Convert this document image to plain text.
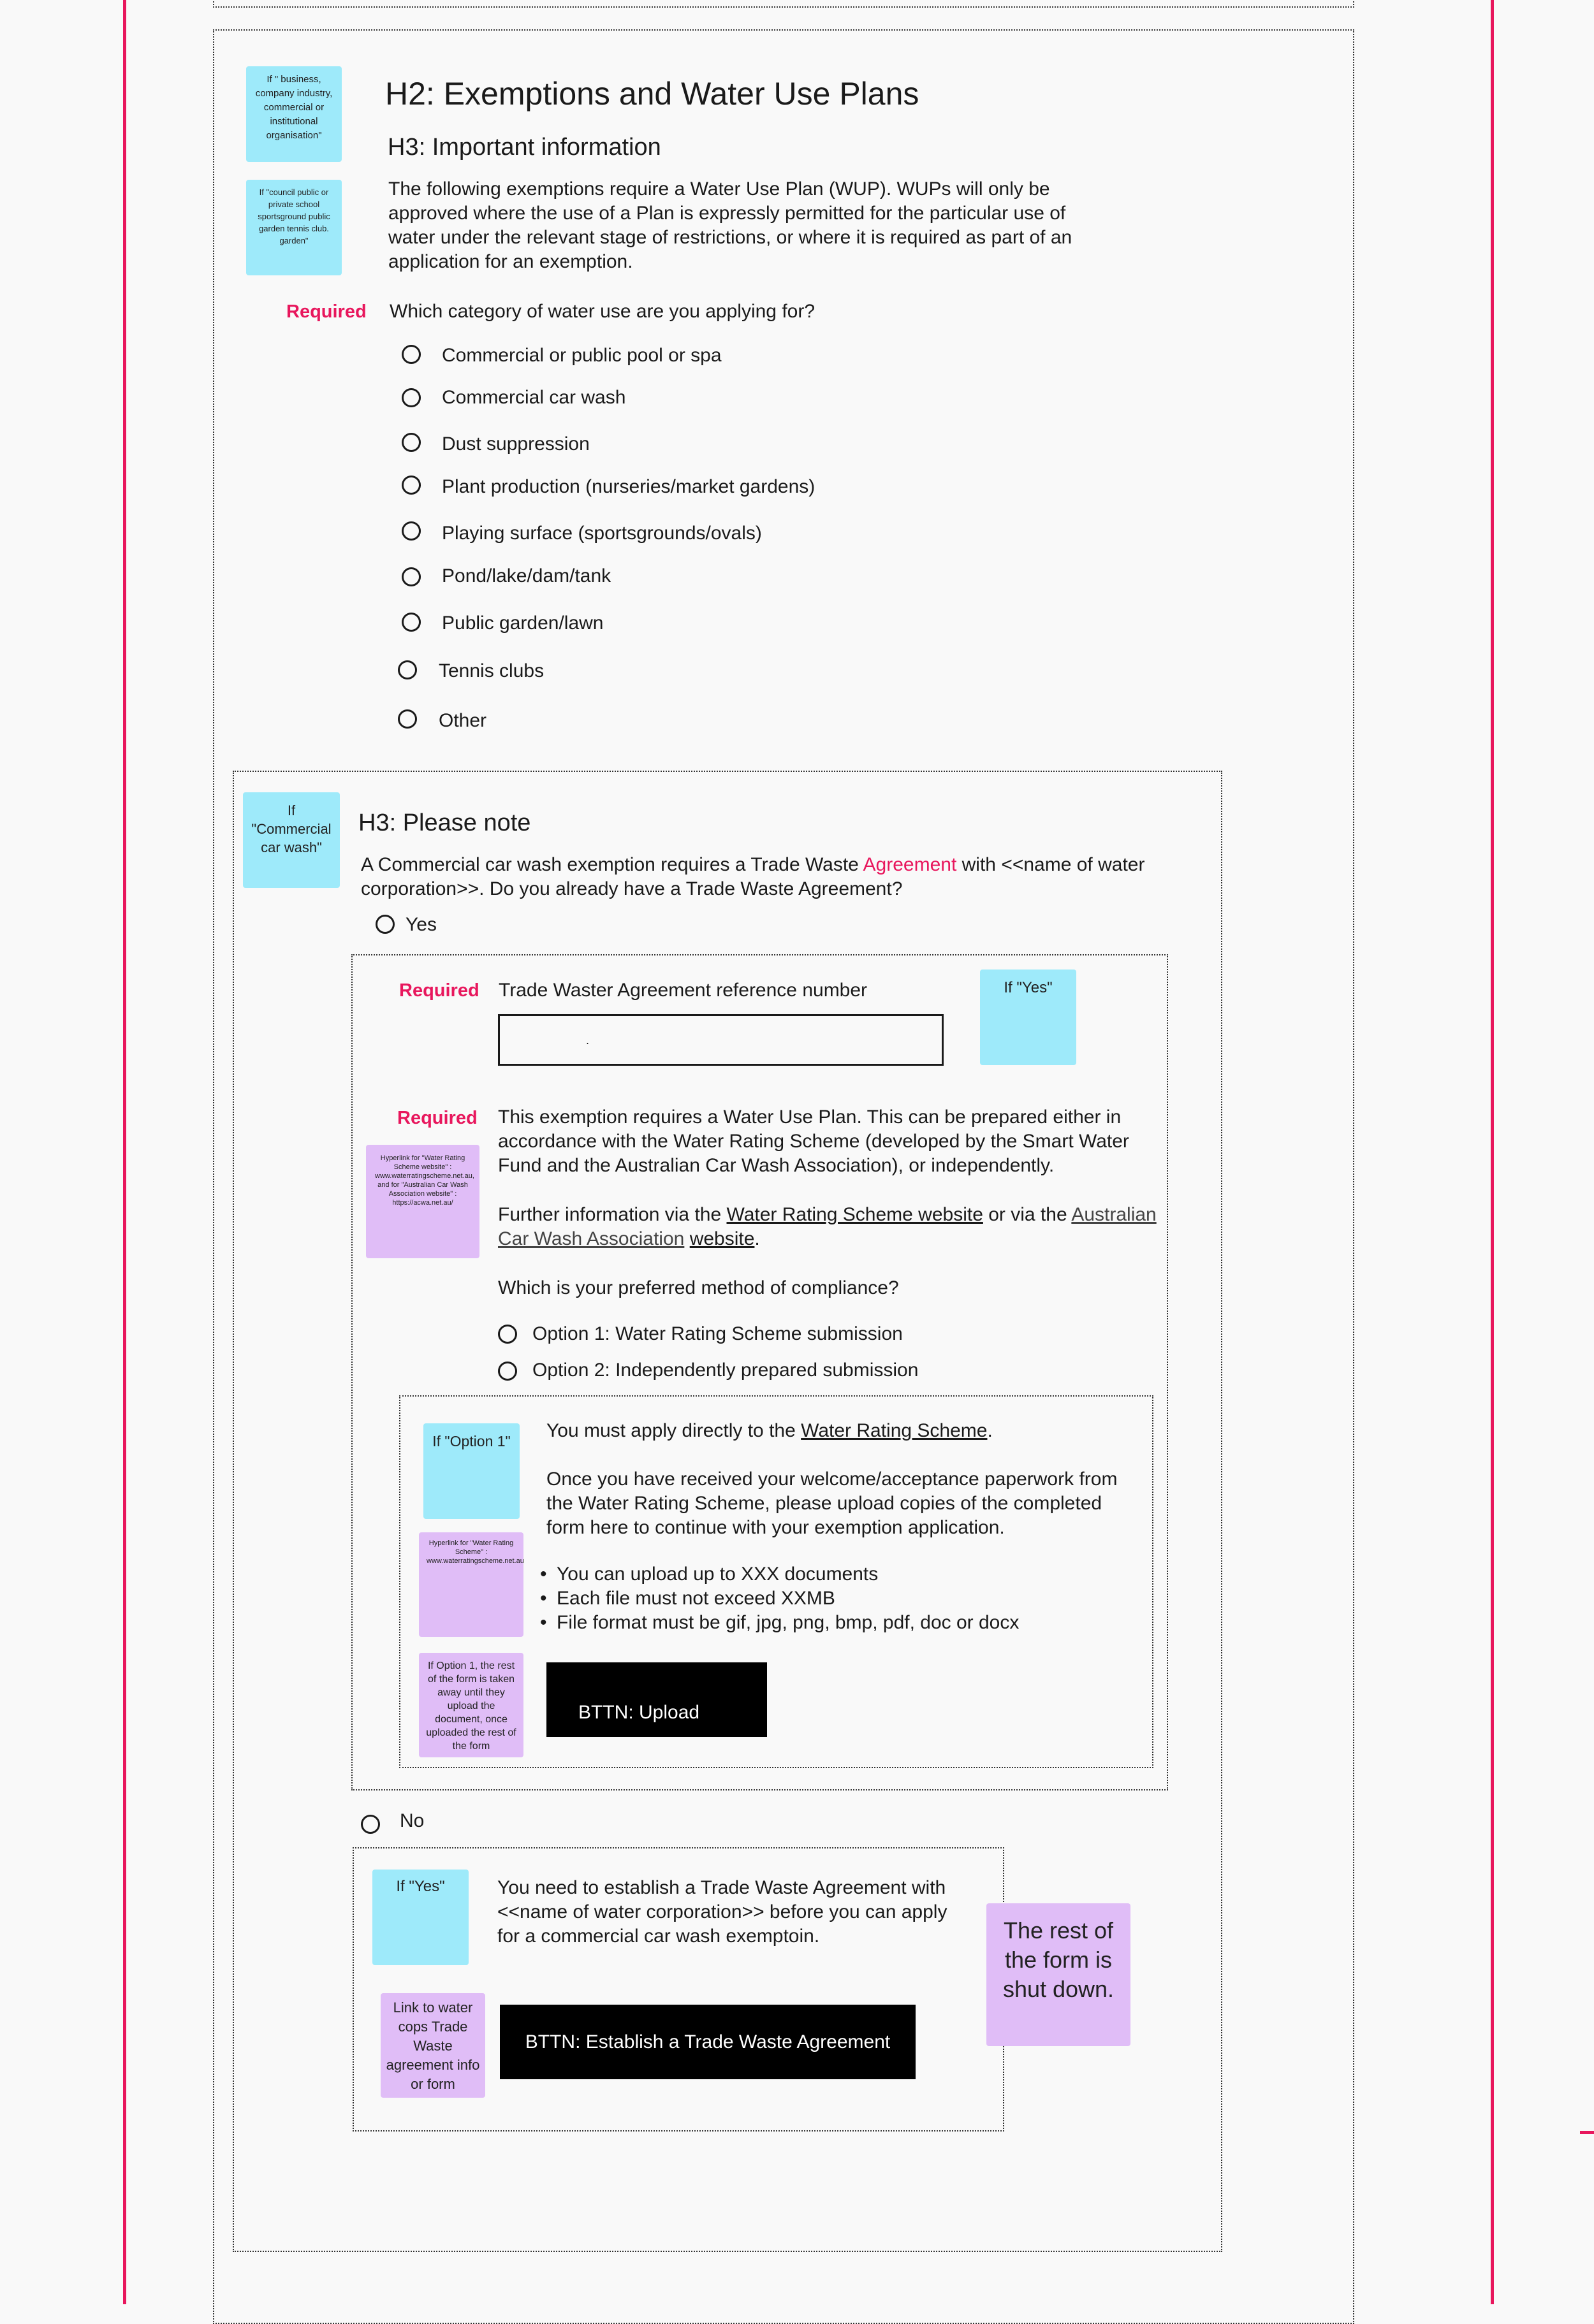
If " business, company industry, commercial or institutional organisation"
If "council public or private school sportsground public garden tennis club. garden"
H2: Exemptions and Water Use Plans
H3: Important information
The following exemptions require a Water Use Plan (WUP). WUPs will only be
approved where the use of a Plan is expressly permitted for the particular use of
water under the relevant stage of restrictions, or where it is required as part of an
application for an exemption.
Required Which category of water use are you applying for?
Commercial or public pool or spa
Commercial car wash
Dust suppression
Plant production (nurseries/market gardens)
Playing surface (sportsgrounds/ovals)
Pond/lake/dam/tank
Public garden/lawn
Tennis clubs
Other
If "Commercial car wash"
H3: Please note
A Commercial car wash exemption requires a Trade Waste Agreement with <<name of water
corporation>>. Do you already have a Trade Waste Agreement?
Yes
Required Trade Waster Agreement reference number	If "Yes"
.
Required
Hyperlink for "Water Rating Scheme website" : www.waterratingscheme.net.au, and for "Australian Car Wash Association website" : https://acwa.net.au/
This exemption requires a Water Use Plan. This can be prepared either in
accordance with the Water Rating Scheme (developed by the Smart Water
Fund and the Australian Car Wash Association), or independently.
Further information via the Water Rating Scheme website or via the Australian
Car Wash Association website.
Which is your preferred method of compliance?
Option 1: Water Rating Scheme submission
Option 2: Independently prepared submission
If "Option 1"
Hyperlink for "Water Rating Scheme" : www.waterratingscheme.net.au
If Option 1, the rest of the form is taken away until they upload the document, once uploaded the rest of the form
You must apply directly to the Water Rating Scheme.
Once you have received your welcome/acceptance paperwork from
the Water Rating Scheme, please upload copies of the completed
form here to continue with your exemption application.
• You can upload up to XXX documents
• Each file must not exceed XXMB
• File format must be gif, jpg, png, bmp, pdf, doc or docx
BTTN: Upload
No
If "Yes"	You need to establish a Trade Waste Agreement with
<<name of water corporation>> before you can apply
for a commercial car wash exemptoin.
Link to water cops Trade Waste agreement info or form
BTTN: Establish a Trade Waste Agreement
The rest of the form is shut down.
